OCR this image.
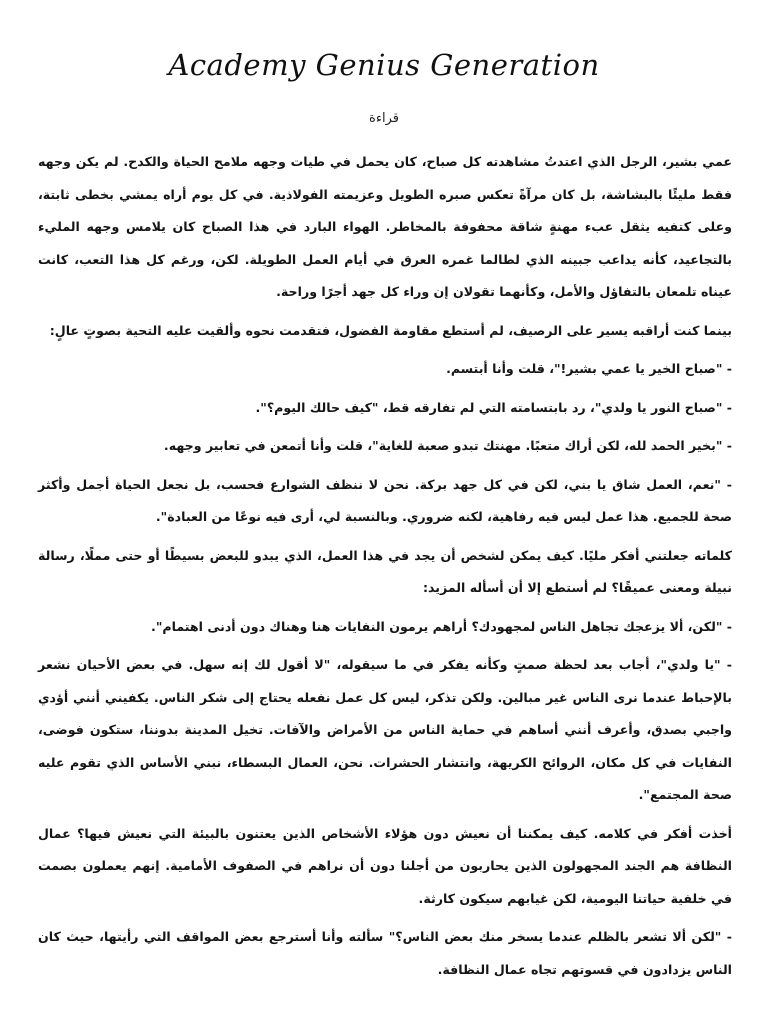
Academy Genius Generation
قراءة

عمي بشير، الرجل الذي اعتدتُ مشاهدته كل صباح، كان يحمل في طيات وجهه ملامح الحياة والكدح. لم يكن وجهه فقط مليئًا بالبشاشة، بل كان مرآةً تعكس صبره الطويل وعزيمته الفولاذية. في كل يوم أراه يمشي بخطى ثابتة، وعلى كتفيه يثقل عبء مهنةٍ شاقة محفوفة بالمخاطر. الهواء البارد في هذا الصباح كان يلامس وجهه المليء بالتجاعيد، كأنه يداعب جبينه الذي لطالما غمره العرق في أيام العمل الطويلة. لكن، ورغم كل هذا التعب، كانت عيناه تلمعان بالتفاؤل والأمل، وكأنهما تقولان إن وراء كل جهد أجرًا وراحة.

بينما كنت أراقبه يسير على الرصيف، لم أستطع مقاومة الفضول، فتقدمت نحوه وألقيت عليه التحية بصوتٍ عالٍ:

- "صباح الخير يا عمي بشير!"، قلت وأنا أبتسم.

- "صباح النور يا ولدي"، رد بابتسامته التي لم تفارقه قط، "كيف حالك اليوم؟".

- "بخير الحمد لله، لكن أراك متعبًا. مهنتك تبدو صعبة للغاية"، قلت وأنا أتمعن في تعابير وجهه.

- "نعم، العمل شاق يا بني، لكن في كل جهد بركة. نحن لا ننظف الشوارع فحسب، بل نجعل الحياة أجمل وأكثر صحة للجميع. هذا عمل ليس فيه رفاهية، لكنه ضروري. وبالنسبة لي، أرى فيه نوعًا من العبادة".

كلماته جعلتني أفكر مليًا. كيف يمكن لشخص أن يجد في هذا العمل، الذي يبدو للبعض بسيطًا أو حتى مملًا، رسالة نبيلة ومعنى عميقًا؟ لم أستطع إلا أن أسأله المزيد:

- "لكن، ألا يزعجك تجاهل الناس لمجهودك؟ أراهم يرمون النفايات هنا وهناك دون أدنى اهتمام".

- "يا ولدي"، أجاب بعد لحظة صمتٍ وكأنه يفكر في ما سيقوله، "لا أقول لك إنه سهل. في بعض الأحيان نشعر بالإحباط عندما نرى الناس غير مبالين. ولكن تذكر، ليس كل عمل نفعله يحتاج إلى شكر الناس. يكفيني أنني أؤدي واجبي بصدق، وأعرف أنني أساهم في حماية الناس من الأمراض والآفات. تخيل المدينة بدوننا، ستكون فوضى، النفايات في كل مكان، الروائح الكريهة، وانتشار الحشرات. نحن، العمال البسطاء، نبني الأساس الذي تقوم عليه صحة المجتمع".

أخذت أفكر في كلامه. كيف يمكننا أن نعيش دون هؤلاء الأشخاص الذين يعتنون بالبيئة التي نعيش فيها؟ عمال النظافة هم الجند المجهولون الذين يحاربون من أجلنا دون أن نراهم في الصفوف الأمامية. إنهم يعملون بصمت في خلفية حياتنا اليومية، لكن غيابهم سيكون كارثة.

- "لكن ألا تشعر بالظلم عندما يسخر منك بعض الناس؟" سألته وأنا أسترجع بعض المواقف التي رأيتها، حيث كان الناس يزدادون في قسوتهم تجاه عمال النظافة.
